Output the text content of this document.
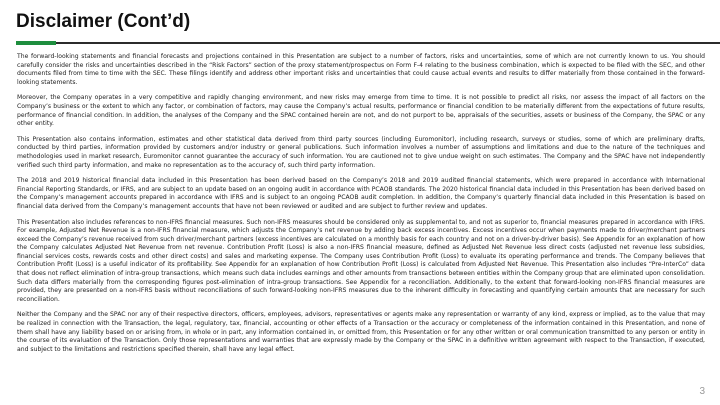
Disclaimer (Cont’d)

The forward-looking statements and financial forecasts and projections contained in this Presentation are subject to a number of factors, risks and uncertainties, some of which are not currently known to us. You should carefully consider the risks and uncertainties described in the “Risk Factors” section of the proxy statement/prospectus on Form F-4 relating to the business combination, which is expected to be filed with the SEC, and other documents filed from time to time with the SEC. These filings identify and address other important risks and uncertainties that could cause actual events and results to differ materially from those contained in the forward-looking statements.

Moreover, the Company operates in a very competitive and rapidly changing environment, and new risks may emerge from time to time. It is not possible to predict all risks, nor assess the impact of all factors on the Company’s business or the extent to which any factor, or combination of factors, may cause the Company’s actual results, performance or financial condition to be materially different from the expectations of future results, performance of financial condition. In addition, the analyses of the Company and the SPAC contained herein are not, and do not purport to be, appraisals of the securities, assets or business of the Company, the SPAC or any other entity.

This Presentation also contains information, estimates and other statistical data derived from third party sources (including Euromonitor), including research, surveys or studies, some of which are preliminary drafts, conducted by third parties, information provided by customers and/or industry or general publications. Such information involves a number of assumptions and limitations and due to the nature of the techniques and methodologies used in market research, Euromonitor cannot guarantee the accuracy of such information. You are cautioned not to give undue weight on such estimates. The Company and the SPAC have not independently verified such third party information, and make no representation as to the accuracy of, such third party information.

The 2018 and 2019 historical financial data included in this Presentation has been derived based on the Company’s 2018 and 2019 audited financial statements, which were prepared in accordance with International Financial Reporting Standards, or IFRS, and are subject to an update based on an ongoing audit in accordance with PCAOB standards. The 2020 historical financial data included in this Presentation has been derived based on the Company’s management accounts prepared in accordance with IFRS and is subject to an ongoing PCAOB audit completion. In addition, the Company’s quarterly financial data included in this Presentation is based on financial data derived from the Company’s management accounts that have not been reviewed or audited and are subject to further review and updates.

This Presentation also includes references to non-IFRS financial measures. Such non-IFRS measures should be considered only as supplemental to, and not as superior to, financial measures prepared in accordance with IFRS. For example, Adjusted Net Revenue is a non-IFRS financial measure, which adjusts the Company’s net revenue by adding back excess incentives. Excess incentives occur when payments made to driver/merchant partners exceed the Company’s revenue received from such driver/merchant partners (excess incentives are calculated on a monthly basis for each country and not on a driver-by-driver basis). See Appendix for an explanation of how the Company calculates Adjusted Net Revenue from net revenue. Contribution Profit (Loss) is also a non-IFRS financial measure, defined as Adjusted Net Revenue less direct costs (adjusted net revenue less subsidies, financial services costs, rewards costs and other direct costs) and sales and marketing expense. The Company uses Contribution Profit (Loss) to evaluate its operating performance and trends. The Company believes that Contribution Profit (Loss) is a useful indicator of its profitability. See Appendix for an explanation of how Contribution Profit (Loss) is calculated from Adjusted Net Revenue. This Presentation also includes “Pre-InterCo” data that does not reflect elimination of intra-group transactions, which means such data includes earnings and other amounts from transactions between entities within the Company group that are eliminated upon consolidation. Such data differs materially from the corresponding figures post-elimination of intra-group transactions. See Appendix for a reconciliation. Additionally, to the extent that forward-looking non-IFRS financial measures are provided, they are presented on a non-IFRS basis without reconciliations of such forward-looking non-IFRS measures due to the inherent difficulty in forecasting and quantifying certain amounts that are necessary for such reconciliation.

Neither the Company and the SPAC nor any of their respective directors, officers, employees, advisors, representatives or agents make any representation or warranty of any kind, express or implied, as to the value that may be realized in connection with the Transaction, the legal, regulatory, tax, financial, accounting or other effects of a Transaction or the accuracy or completeness of the information contained in this Presentation, and none of them shall have any liability based on or arising from, in whole or in part, any information contained in, or omitted from, this Presentation or for any other written or oral communication transmitted to any person or entity in the course of its evaluation of the Transaction. Only those representations and warranties that are expressly made by the Company or the SPAC in a definitive written agreement with respect to the Transaction, if executed, and subject to the limitations and restrictions specified therein, shall have any legal effect.

3
